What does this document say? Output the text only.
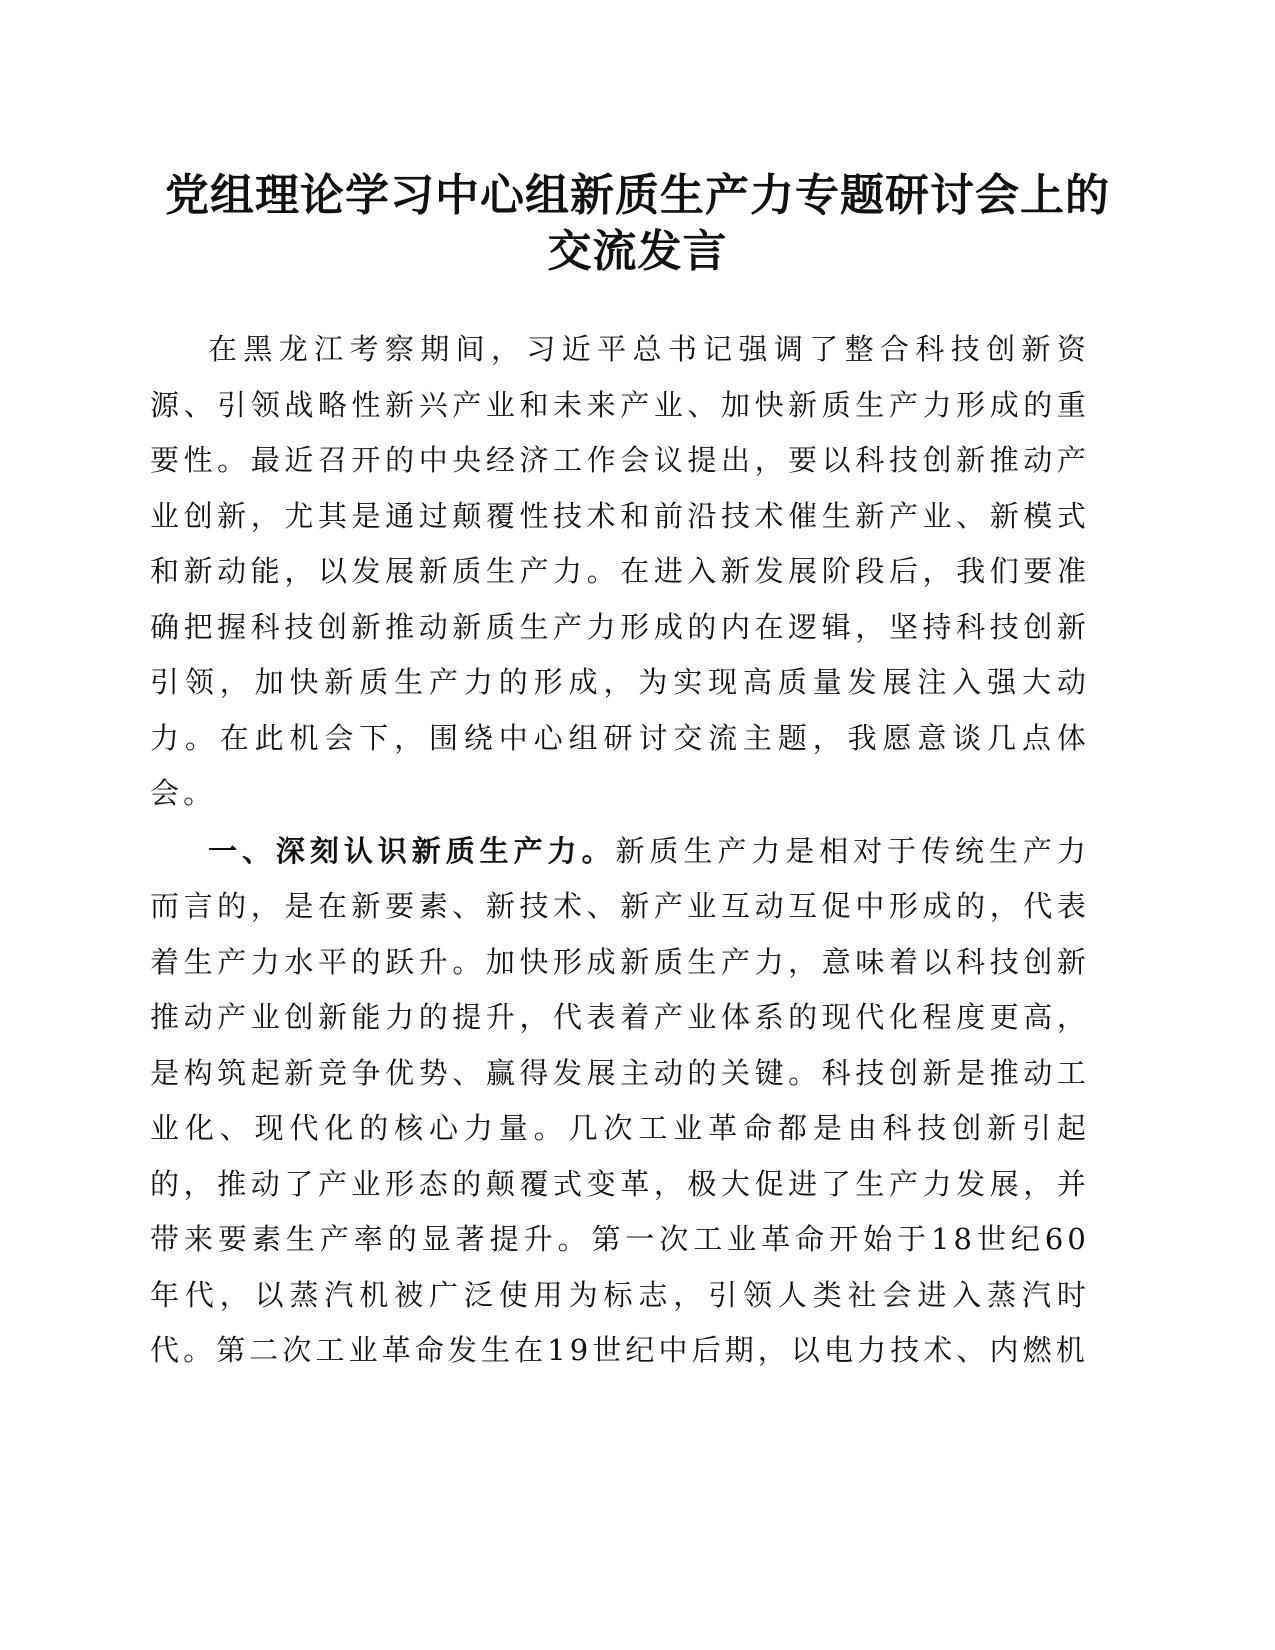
党组理论学习中心组新质生产力专题研讨会上的交流发言

在黑龙江考察期间，习近平总书记强调了整合科技创新资源、引领战略性新兴产业和未来产业、加快新质生产力形成的重要性。最近召开的中央经济工作会议提出，要以科技创新推动产业创新，尤其是通过颠覆性技术和前沿技术催生新产业、新模式和新动能，以发展新质生产力。在进入新发展阶段后，我们要准确把握科技创新推动新质生产力形成的内在逻辑，坚持科技创新引领，加快新质生产力的形成，为实现高质量发展注入强大动力。在此机会下，围绕中心组研讨交流主题，我愿意谈几点体会。

一、深刻认识新质生产力。新质生产力是相对于传统生产力而言的，是在新要素、新技术、新产业互动互促中形成的，代表着生产力水平的跃升。加快形成新质生产力，意味着以科技创新推动产业创新能力的提升，代表着产业体系的现代化程度更高，是构筑起新竞争优势、赢得发展主动的关键。科技创新是推动工业化、现代化的核心力量。几次工业革命都是由科技创新引起的，推动了产业形态的颠覆式变革，极大促进了生产力发展，并带来要素生产率的显著提升。第一次工业革命开始于18世纪60年代，以蒸汽机被广泛使用为标志，引领人类社会进入蒸汽时代。第二次工业革命发生在19世纪中后期，以电力技术、内燃机
